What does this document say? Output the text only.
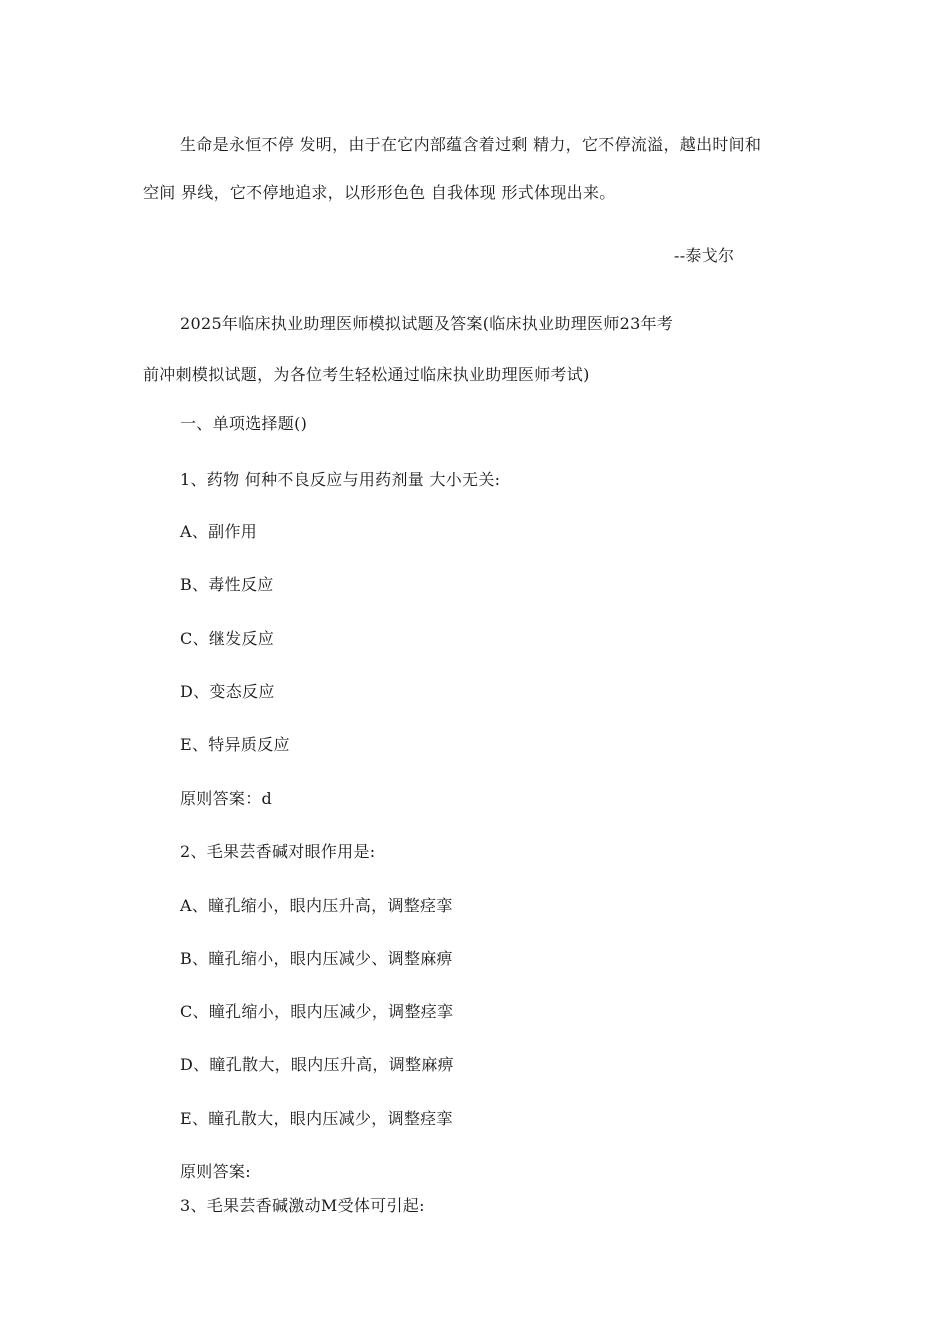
生命是永恒不停 发明，由于在它内部蕴含着过剩 精力，它不停流溢，越出时间和
空间 界线，它不停地追求，以形形色色 自我体现 形式体现出来。
--泰戈尔
2025年临床执业助理医师模拟试题及答案(临床执业助理医师23年考
前冲刺模拟试题，为各位考生轻松通过临床执业助理医师考试)
一、单项选择题()
1、药物 何种不良反应与用药剂量 大小无关:
A、副作用
B、毒性反应
C、继发反应
D、变态反应
E、特异质反应
原则答案：d
2、毛果芸香碱对眼作用是:
A、瞳孔缩小，眼内压升高，调整痉挛
B、瞳孔缩小，眼内压减少、调整麻痹
C、瞳孔缩小，眼内压减少，调整痉挛
D、瞳孔散大，眼内压升高，调整麻痹
E、瞳孔散大，眼内压减少，调整痉挛
原则答案:
3、毛果芸香碱激动M受体可引起:
